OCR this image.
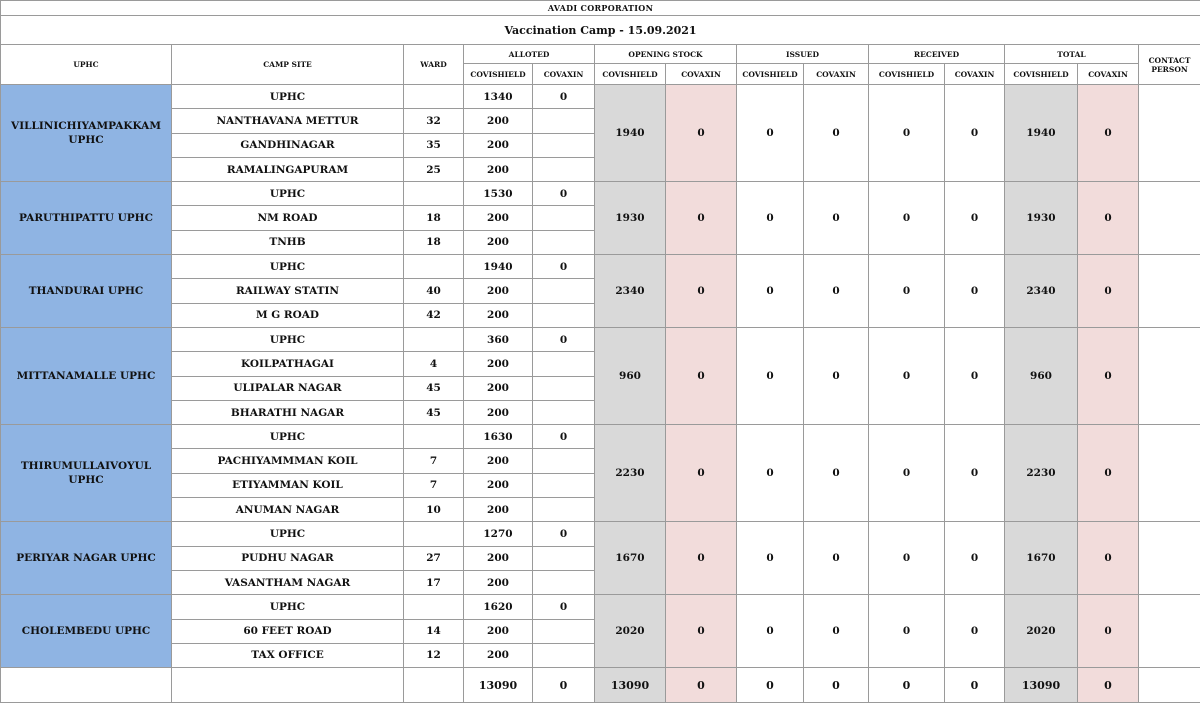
AVADI CORPORATION													
Vaccination Camp - 15.09.2021													
UPHC	CAMP SITE	WARD	ALLOTED		OPENING STOCK		ISSUED		RECEIVED		TOTAL		CONTACT PERSON
			COVISHIELD	COVAXIN	COVISHIELD	COVAXIN	COVISHIELD	COVAXIN	COVISHIELD	COVAXIN	COVISHIELD	COVAXIN	
VILLINICHIYAMPAKKAM UPHC	UPHC		1340	0	1940	0	0	0	0	0	1940	0	
	NANTHAVANA METTUR	32	200										
	GANDHINAGAR	35	200										
	RAMALINGAPURAM	25	200										
PARUTHIPATTU UPHC	UPHC		1530	0	1930	0	0	0	0	0	1930	0	
	NM ROAD	18	200										
	TNHB	18	200										
THANDURAI UPHC	UPHC		1940	0	2340	0	0	0	0	0	2340	0	
	RAILWAY STATIN	40	200										
	M G ROAD	42	200										
MITTANAMALLE UPHC	UPHC		360	0	960	0	0	0	0	0	960	0	
	KOILPATHAGAI	4	200										
	ULIPALAR NAGAR	45	200										
	BHARATHI NAGAR	45	200										
THIRUMULLAIVOYUL UPHC	UPHC		1630	0	2230	0	0	0	0	0	2230	0	
	PACHIYAMMMAN KOIL	7	200										
	ETIYAMMAN KOIL	7	200										
	ANUMAN NAGAR	10	200										
PERIYAR NAGAR UPHC	UPHC		1270	0	1670	0	0	0	0	0	1670	0	
	PUDHU NAGAR	27	200										
	VASANTHAM NAGAR	17	200										
CHOLEMBEDU UPHC	UPHC		1620	0	2020	0	0	0	0	0	2020	0	
	60 FEET ROAD	14	200										
	TAX OFFICE	12	200										
			13090	0	13090	0	0	0	0	0	13090	0	
